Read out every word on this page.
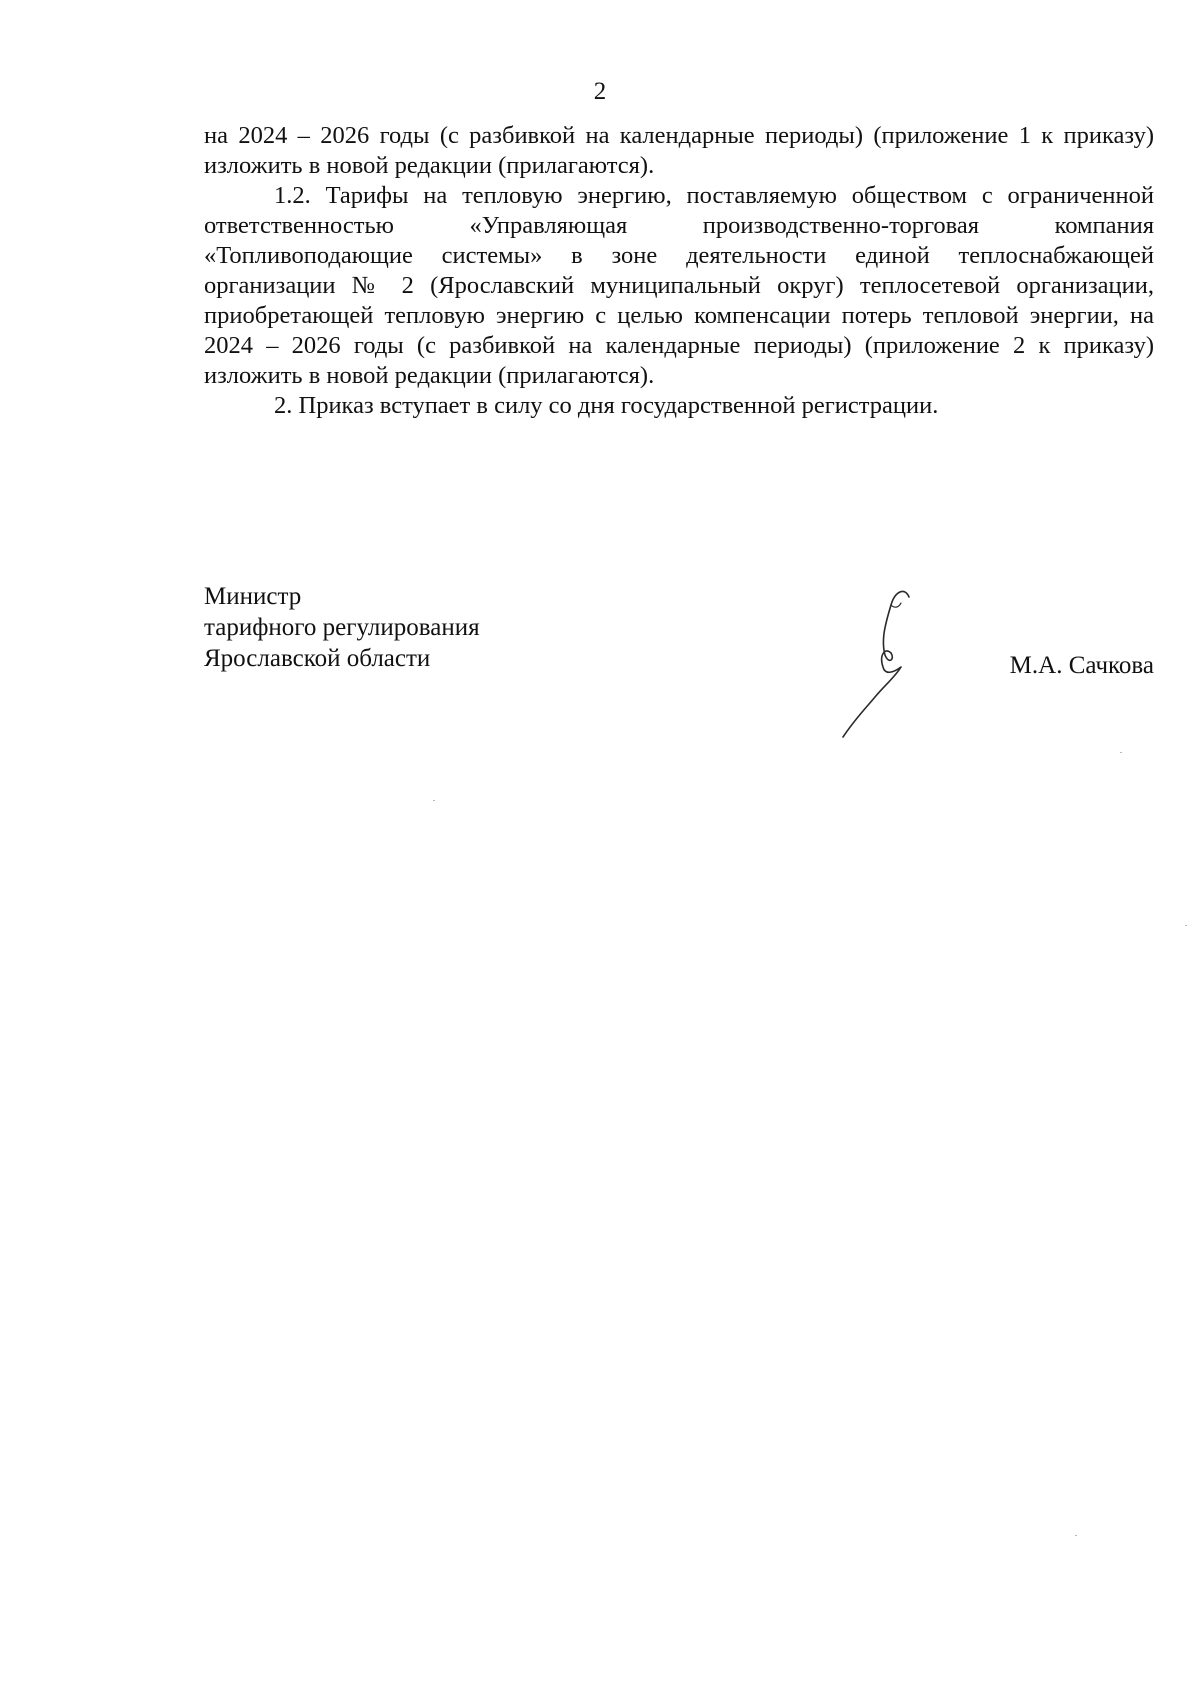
2

на 2024 – 2026 годы (с разбивкой на календарные периоды) (приложение 1 к приказу) изложить в новой редакции (прилагаются).

1.2. Тарифы на тепловую энергию, поставляемую обществом с ограниченной ответственностью «Управляющая производственно-торговая компания «Топливоподающие системы» в зоне деятельности единой теплоснабжающей организации № 2 (Ярославский муниципальный округ) теплосетевой организации, приобретающей тепловую энергию с целью компенсации потерь тепловой энергии, на 2024 – 2026 годы (с разбивкой на календарные периоды) (приложение 2 к приказу) изложить в новой редакции (прилагаются).

2. Приказ вступает в силу со дня государственной регистрации.

Министр
тарифного регулирования
Ярославской области	М.А. Сачкова
